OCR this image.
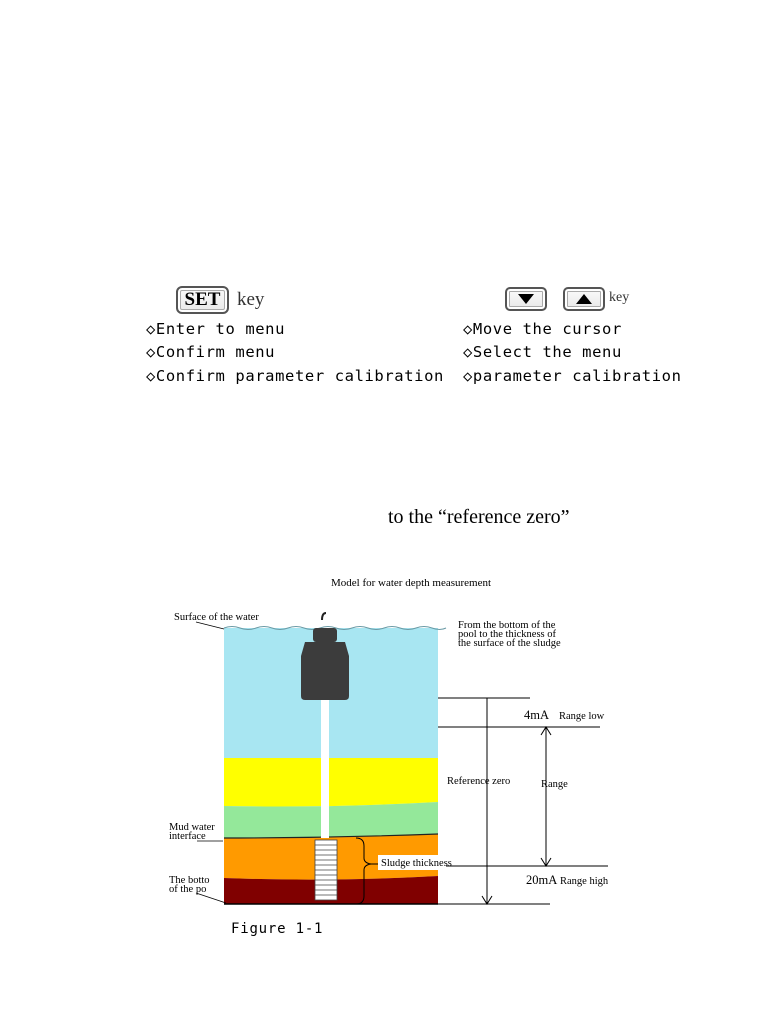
SET key
◇Enter to menu
◇Confirm menu
◇Confirm parameter calibration
key
◇Move the cursor
◇Select the menu
◇parameter calibration
to the “reference zero”
Model for water depth measurement
Surface of the water
From the bottom of the
pool to the thickness of
the surface of the sludge
4mA Range low
Reference zero	Range
Mud water
interface
Sludge thickness
The botto
of the po
20mA Range high
Figure 1-1
